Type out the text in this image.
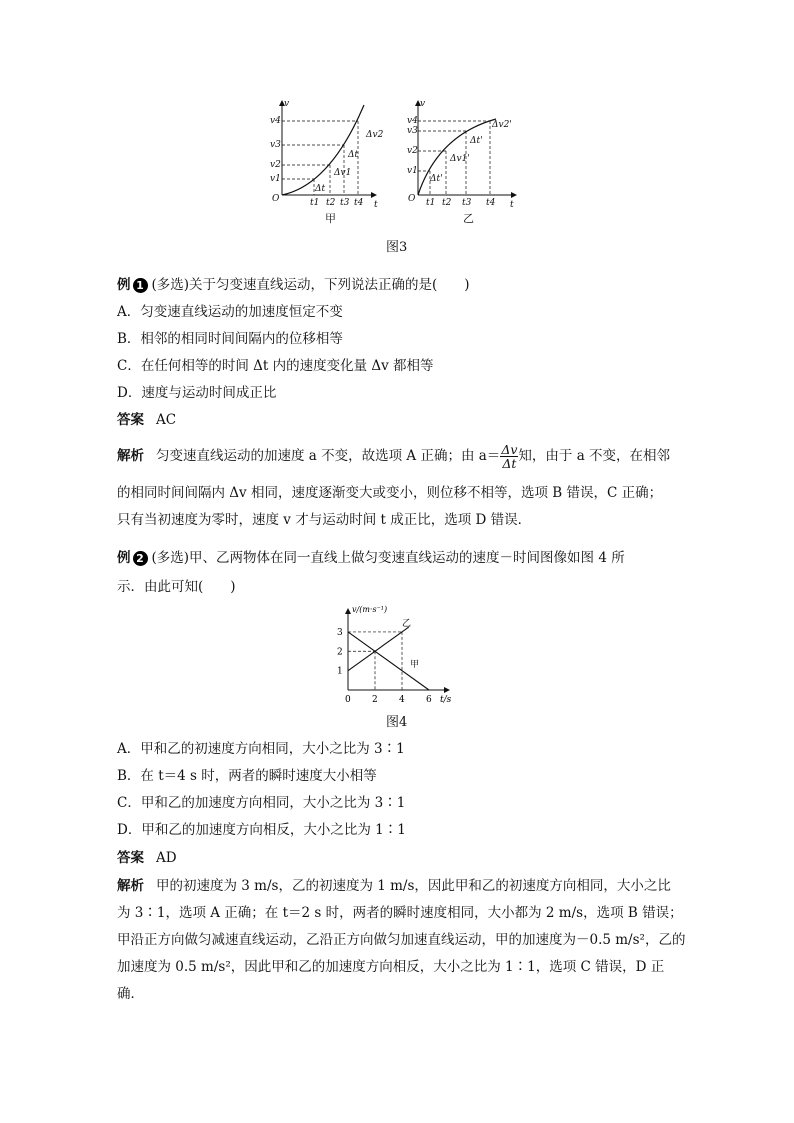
v
t
O
v1
v2
v3
v4
t1 t2 t3 t4
Δt
Δv1
Δt
Δv2
甲
v
t
O
v1
v2
v3
v4
t1 t2 t3 t4
Δt'
Δv1'
Δt'
Δv2'
乙
图3
例 1 (多选)关于匀变速直线运动，下列说法正确的是(　　)
A．匀变速直线运动的加速度恒定不变
B．相邻的相同时间间隔内的位移相等
C．在任何相等的时间 Δt 内的速度变化量 Δv 都相等
D．速度与运动时间成正比
答案 AC
解析 匀变速直线运动的加速度 a 不变，故选项 A 正确；由 $a= \frac{\Delta v}{\Delta t}$ 知，由于 a 不变，在相邻
的相同时间间隔内 Δv 相同，速度逐渐变大或变小，则位移不相等，选项 B 错误，C 正确；
只有当初速度为零时，速度 v 才与运动时间 t 成正比，选项 D 错误．
例 2 (多选)甲、乙两物体在同一直线上做匀变速直线运动的速度－时间图像如图 4 所
示．由此可知(　　)
v/(m·s⁻¹)
t/s
0 2 4 6
1
2
3
甲
乙
图4
A．甲和乙的初速度方向相同，大小之比为 3∶1
B．在 t＝4 s 时，两者的瞬时速度大小相等
C．甲和乙的加速度方向相同，大小之比为 3∶1
D．甲和乙的加速度方向相反，大小之比为 1∶1
答案 AD
解析 甲的初速度为 3 m/s，乙的初速度为 1 m/s，因此甲和乙的初速度方向相同，大小之比
为 3∶1，选项 A 正确；在 t＝2 s 时，两者的瞬时速度相同，大小都为 2 m/s，选项 B 错误；
甲沿正方向做匀减速直线运动，乙沿正方向做匀加速直线运动，甲的加速度为－0.5 m/s²，乙的
加速度为 0.5 m/s²，因此甲和乙的加速度方向相反，大小之比为 1∶1，选项 C 错误，D 正
确．
